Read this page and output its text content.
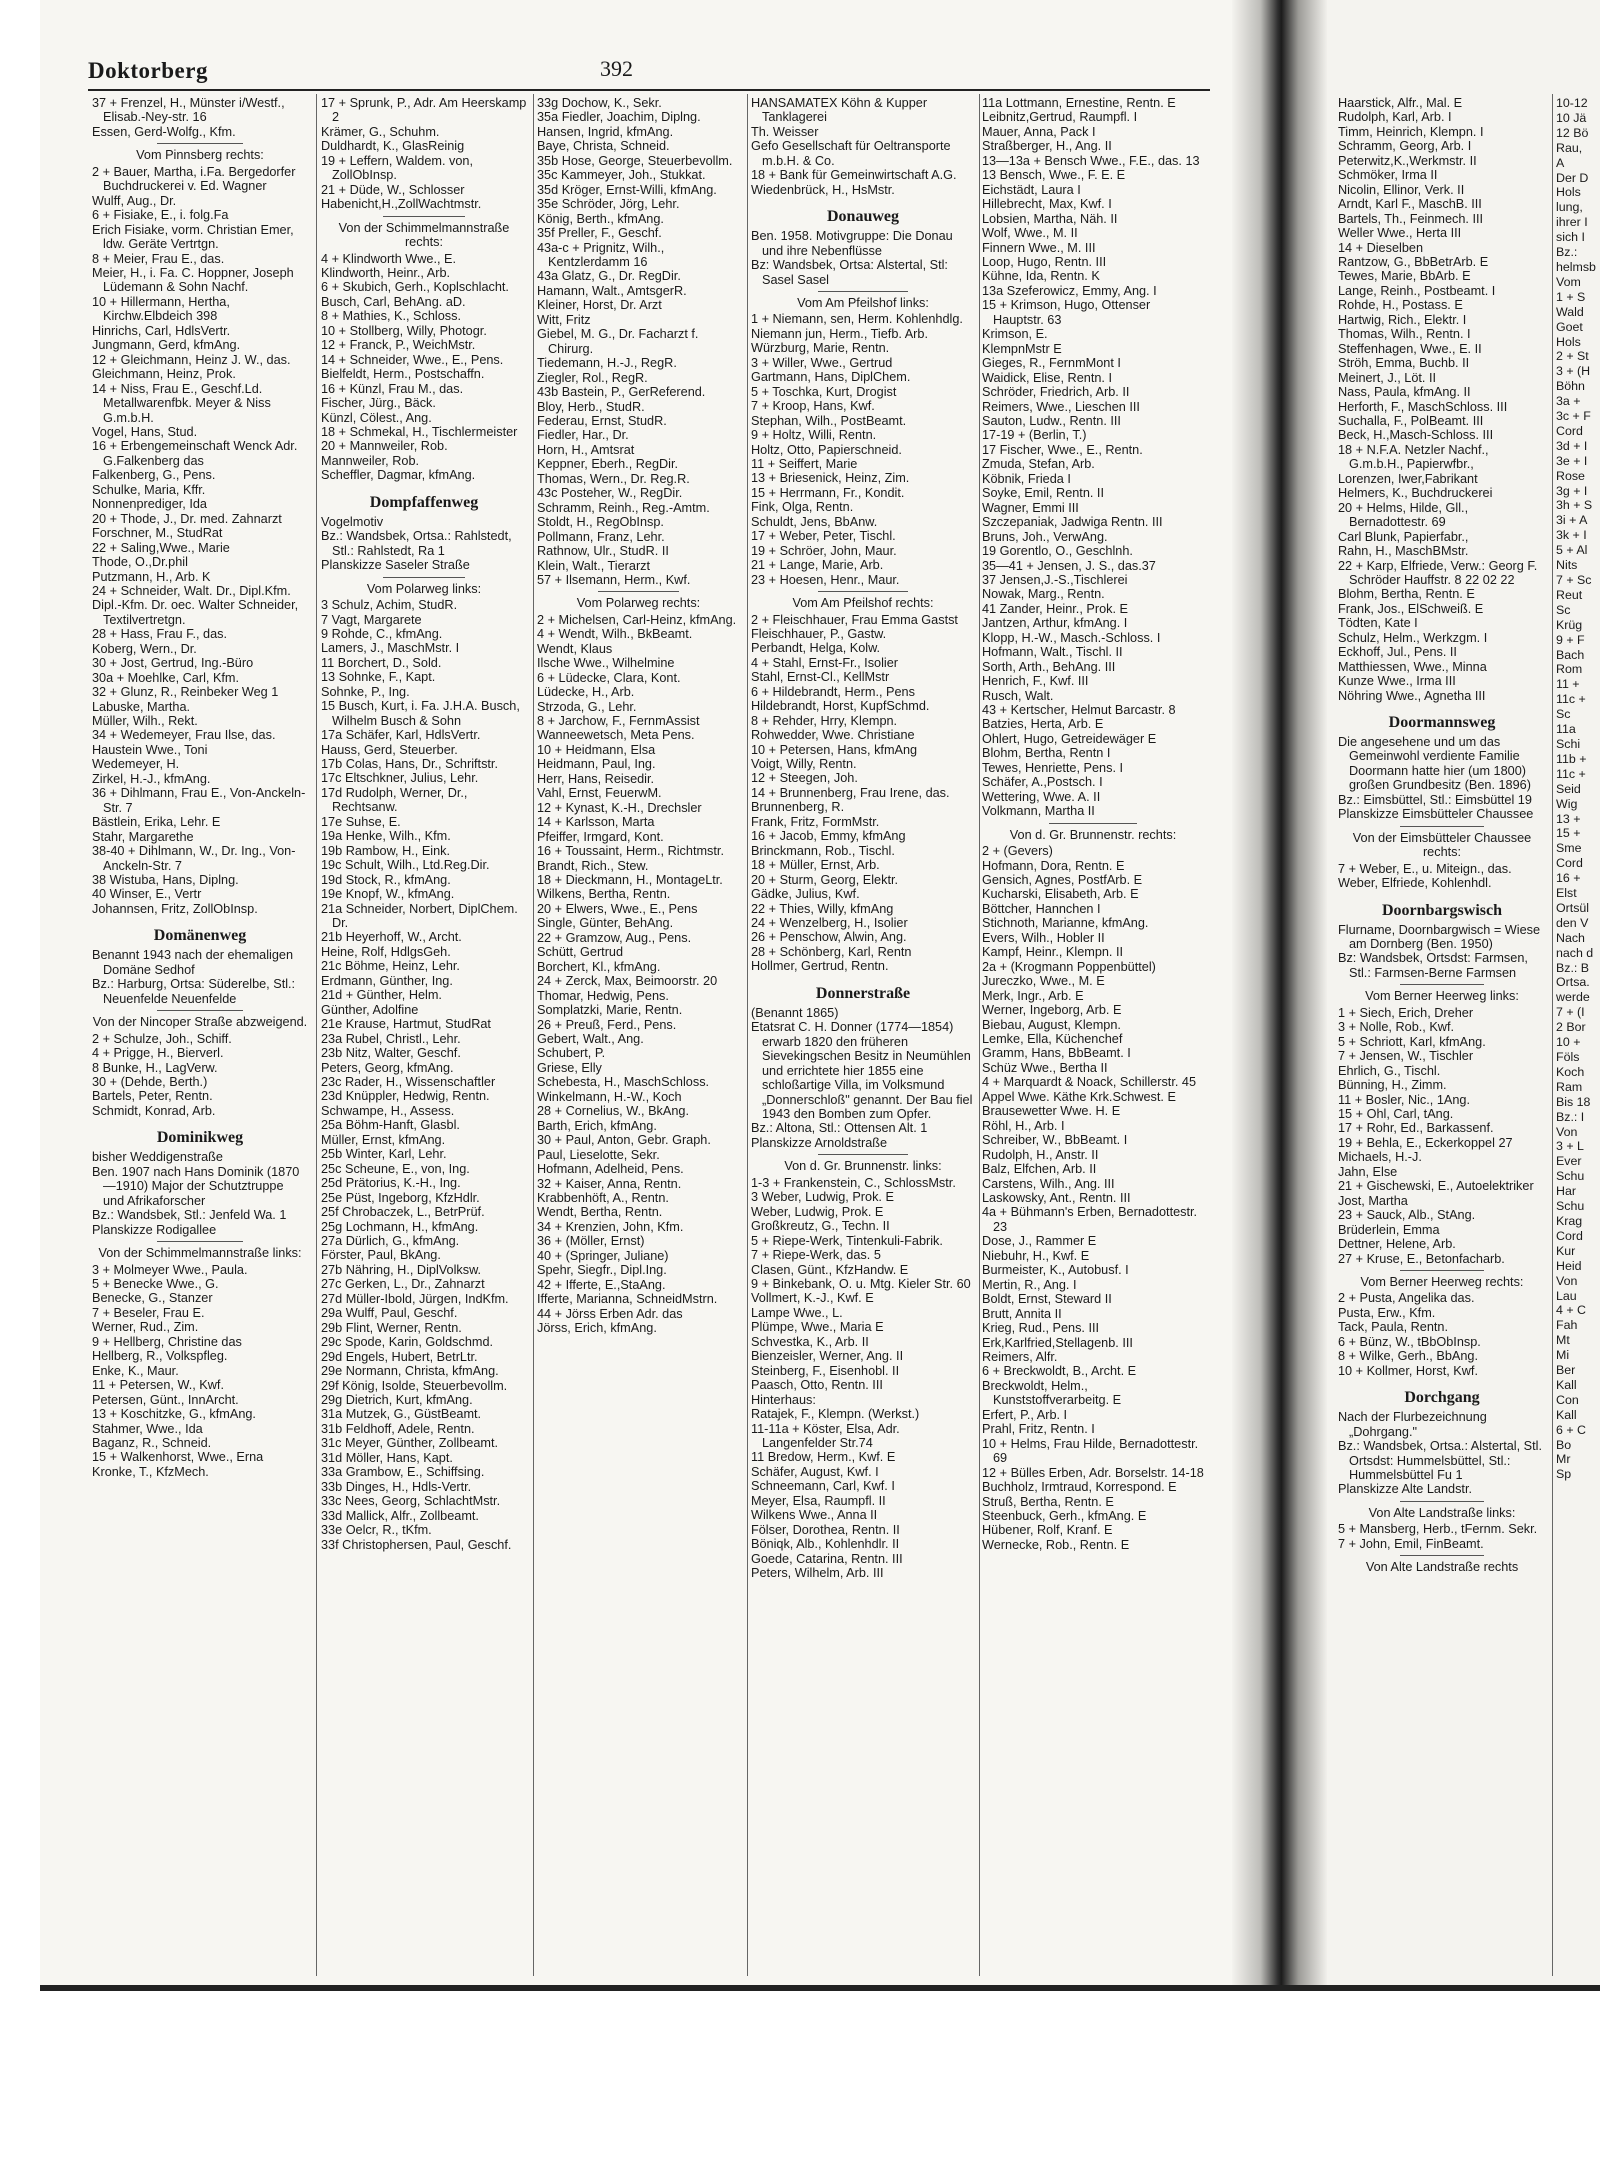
Doktorberg	392

37 + Frenzel, H., Münster i/Westf., Elisab.-Ney-str. 16

Essen, Gerd-Wolfg., Kfm.

Vom Pinnsberg rechts:

2 + Bauer, Martha, i.Fa. Bergedorfer Buchdruckerei v. Ed. Wagner

Wulff, Aug., Dr.

6 + Fisiake, E., i. folg.Fa

Erich Fisiake, vorm. Christian Emer, ldw. Geräte Vertrtgn.

8 + Meier, Frau E., das.

Meier, H., i. Fa. C. Hoppner, Joseph Lüdemann & Sohn Nachf.

10 + Hillermann, Hertha, Kirchw.Elbdeich 398

Hinrichs, Carl, HdlsVertr.

Jungmann, Gerd, kfmAng.

12 + Gleichmann, Heinz J. W., das.

Gleichmann, Heinz, Prok.

14 + Niss, Frau E., Geschf.Ld. Metallwarenfbk. Meyer & Niss G.m.b.H.

Vogel, Hans, Stud.

16 + Erbengemeinschaft Wenck Adr. G.Falkenberg das

Falkenberg, G., Pens.

Schulke, Maria, Kffr.

Nonnenprediger, Ida

20 + Thode, J., Dr. med. Zahnarzt

Forschner, M., StudRat

22 + Saling,Wwe., Marie

Thode, O.,Dr.phil

Putzmann, H., Arb. K

24 + Schneider, Walt. Dr., Dipl.Kfm.

Dipl.-Kfm. Dr. oec. Walter Schneider, Textilvertretgn.

28 + Hass, Frau F., das.

Koberg, Wern., Dr.

30 + Jost, Gertrud, Ing.-Büro

30a + Moehlke, Carl, Kfm.

32 + Glunz, R., Reinbeker Weg 1

Labuske, Martha.

Müller, Wilh., Rekt.

34 + Wedemeyer, Frau Ilse, das.

Haustein Wwe., Toni

Wedemeyer, H.

Zirkel, H.-J., kfmAng.

36 + Dihlmann, Frau E., Von-Anckeln-Str. 7

Bästlein, Erika, Lehr. E

Stahr, Margarethe

38-40 + Dihlmann, W., Dr. Ing., Von-Anckeln-Str. 7

38 Wistuba, Hans, Diplng.

40 Winser, E., Vertr

Johannsen, Fritz, ZollObInsp.

Domänenweg

Benannt 1943 nach der ehemaligen Domäne Sedhof

Bz.: Harburg, Ortsa: Süderelbe, Stl.: Neuenfelde Neuenfelde

Von der Nincoper Straße abzweigend.

2 + Schulze, Joh., Schiff.

4 + Prigge, H., Bierverl.

8 Bunke, H., LagVerw.

30 + (Dehde, Berth.)

Bartels, Peter, Rentn.

Schmidt, Konrad, Arb.

Dominikweg

bisher Weddigenstraße

Ben. 1907 nach Hans Dominik (1870—1910) Major der Schutztruppe und Afrikaforscher

Bz.: Wandsbek, Stl.: Jenfeld Wa. 1

Planskizze Rodigallee

Von der Schimmelmannstraße links:

3 + Molmeyer Wwe., Paula.

5 + Benecke Wwe., G.

Benecke, G., Stanzer

7 + Beseler, Frau E.

Werner, Rud., Zim.

9 + Hellberg, Christine das

Hellberg, R., Volkspfleg.

Enke, K., Maur.

11 + Petersen, W., Kwf.

Petersen, Günt., InnArcht.

13 + Koschitzke, G., kfmAng.

Stahmer, Wwe., Ida

Baganz, R., Schneid.

15 + Walkenhorst, Wwe., Erna

Kronke, T., KfzMech.

17 + Sprunk, P., Adr. Am Heerskamp 2

Krämer, G., Schuhm.

Duldhardt, K., GlasReinig

19 + Leffern, Waldem. von, ZollObInsp.

21 + Düde, W., Schlosser

Habenicht,H.,ZollWachtmstr.

Von der Schimmelmannstraße rechts:

4 + Klindworth Wwe., E.

Klindworth, Heinr., Arb.

6 + Skubich, Gerh., Koplschlacht.

Busch, Carl, BehAng. aD.

8 + Mathies, K., Schloss.

10 + Stollberg, Willy, Photogr.

12 + Franck, P., WeichMstr.

14 + Schneider, Wwe., E., Pens.

Bielfeldt, Herm., Postschaffn.

16 + Künzl, Frau M., das.

Fischer, Jürg., Bäck.

Künzl, Cölest., Ang.

18 + Schmekal, H., Tischlermeister

20 + Mannweiler, Rob.

Mannweiler, Rob.

Scheffler, Dagmar, kfmAng.

Dompfaffenweg

Vogelmotiv

Bz.: Wandsbek, Ortsa.: Rahlstedt, Stl.: Rahlstedt, Ra 1

Planskizze Saseler Straße

Vom Polarweg links:

3 Schulz, Achim, StudR.

7 Vagt, Margarete

9 Rohde, C., kfmAng.

Lamers, J., MaschMstr. I

11 Borchert, D., Sold.

13 Sohnke, F., Kapt.

Sohnke, P., Ing.

15 Busch, Kurt, i. Fa. J.H.A. Busch, Wilhelm Busch & Sohn

17a Schäfer, Karl, HdlsVertr.

Hauss, Gerd, Steuerber.

17b Colas, Hans, Dr., Schriftstr.

17c Eltschkner, Julius, Lehr.

17d Rudolph, Werner, Dr., Rechtsanw.

17e Suhse, E.

19a Henke, Wilh., Kfm.

19b Rambow, H., Eink.

19c Schult, Wilh., Ltd.Reg.Dir.

19d Stock, R., kfmAng.

19e Knopf, W., kfmAng.

21a Schneider, Norbert, DiplChem. Dr.

21b Heyerhoff, W., Archt.

Heine, Rolf, HdlgsGeh.

21c Böhme, Heinz, Lehr.

Erdmann, Günther, Ing.

21d + Günther, Helm.

Günther, Adolfine

21e Krause, Hartmut, StudRat

23a Rubel, Christl., Lehr.

23b Nitz, Walter, Geschf.

Peters, Georg, kfmAng.

23c Rader, H., Wissenschaftler

23d Knüppler, Hedwig, Rentn.

Schwampe, H., Assess.

25a Böhm-Hanft, Glasbl.

Müller, Ernst, kfmAng.

25b Winter, Karl, Lehr.

25c Scheune, E., von, Ing.

25d Prätorius, K.-H., Ing.

25e Püst, Ingeborg, KfzHdlr.

25f Chrobaczek, L., BetrPrüf.

25g Lochmann, H., kfmAng.

27a Dürlich, G., kfmAng.

Förster, Paul, BkAng.

27b Nähring, H., DiplVolksw.

27c Gerken, L., Dr., Zahnarzt

27d Müller-Ibold, Jürgen, IndKfm.

29a Wulff, Paul, Geschf.

29b Flint, Werner, Rentn.

29c Spode, Karin, Goldschmd.

29d Engels, Hubert, BetrLtr.

29e Normann, Christa, kfmAng.

29f König, Isolde, Steuerbevollm.

29g Dietrich, Kurt, kfmAng.

31a Mutzek, G., GüstBeamt.

31b Feldhoff, Adele, Rentn.

31c Meyer, Günther, Zollbeamt.

31d Möller, Hans, Kapt.

33a Grambow, E., Schiffsing.

33b Dinges, H., Hdls-Vertr.

33c Nees, Georg, SchlachtMstr.

33d Mallick, Alfr., Zollbeamt.

33e Oelcr, R., tKfm.

33f Christophersen, Paul, Geschf.

33g Dochow, K., Sekr.

35a Fiedler, Joachim, Diplng.

Hansen, Ingrid, kfmAng.

Baye, Christa, Schneid.

35b Hose, George, Steuerbevollm.

35c Kammeyer, Joh., Stukkat.

35d Kröger, Ernst-Willi, kfmAng.

35e Schröder, Jörg, Lehr.

König, Berth., kfmAng.

35f Preller, F., Geschf.

43a-c + Prignitz, Wilh., Kentzlerdamm 16

43a Glatz, G., Dr. RegDir.

Hamann, Walt., AmtsgerR.

Kleiner, Horst, Dr. Arzt

Witt, Fritz

Giebel, M. G., Dr. Facharzt f. Chirurg.

Tiedemann, H.-J., RegR.

Ziegler, Rol., RegR.

43b Bastein, P., GerReferend.

Bloy, Herb., StudR.

Federau, Ernst, StudR.

Fiedler, Har., Dr.

Horn, H., Amtsrat

Keppner, Eberh., RegDir.

Thomas, Wern., Dr. Reg.R.

43c Posteher, W., RegDir.

Schramm, Reinh., Reg.-Amtm.

Stoldt, H., RegObInsp.

Pollmann, Franz, Lehr.

Rathnow, Ulr., StudR. II

Klein, Walt., Tierarzt

57 + Ilsemann, Herm., Kwf.

Vom Polarweg rechts:

2 + Michelsen, Carl-Heinz, kfmAng.

4 + Wendt, Wilh., BkBeamt.

Wendt, Klaus

Ilsche Wwe., Wilhelmine

6 + Lüdecke, Clara, Kont.

Lüdecke, H., Arb.

Strzoda, G., Lehr.

8 + Jarchow, F., FernmAssist

Wanneewetsch, Meta Pens.

10 + Heidmann, Elsa

Heidmann, Paul, Ing.

Herr, Hans, Reisedir.

Vahl, Ernst, FeuerwM.

12 + Kynast, K.-H., Drechsler

14 + Karlsson, Marta

Pfeiffer, Irmgard, Kont.

16 + Toussaint, Herm., Richtmstr.

Brandt, Rich., Stew.

18 + Dieckmann, H., MontageLtr.

Wilkens, Bertha, Rentn.

20 + Elwers, Wwe., E., Pens

Single, Günter, BehAng.

22 + Gramzow, Aug., Pens.

Schütt, Gertrud

Borchert, Kl., kfmAng.

24 + Zerck, Max, Beimoorstr. 20

Thomar, Hedwig, Pens.

Somplatzki, Marie, Rentn.

26 + Preuß, Ferd., Pens.

Gebert, Walt., Ang.

Schubert, P.

Griese, Elly

Schebesta, H., MaschSchloss.

Winkelmann, H.-W., Koch

28 + Cornelius, W., BkAng.

Barth, Erich, kfmAng.

30 + Paul, Anton, Gebr. Graph.

Paul, Lieselotte, Sekr.

Hofmann, Adelheid, Pens.

32 + Kaiser, Anna, Rentn.

Krabbenhöft, A., Rentn.

Wendt, Bertha, Rentn.

34 + Krenzien, John, Kfm.

36 + (Möller, Ernst)

40 + (Springer, Juliane)

Spehr, Siegfr., Dipl.Ing.

42 + Ifferte, E.,StaAng.

Ifferte, Marianna, SchneidMstrn.

44 + Jörss Erben Adr. das

Jörss, Erich, kfmAng.

HANSAMATEX Köhn & Kupper Tanklagerei

Th. Weisser

Gefo Gesellschaft für Oeltransporte m.b.H. & Co.

18 + Bank für Gemeinwirtschaft A.G.

Wiedenbrück, H., HsMstr.

Donauweg

Ben. 1958. Motivgruppe: Die Donau und ihre Nebenflüsse

Bz: Wandsbek, Ortsa: Alstertal, Stl: Sasel Sasel

Vom Am Pfeilshof links:

1 + Niemann, sen, Herm. Kohlenhdlg.

Niemann jun, Herm., Tiefb. Arb.

Würzburg, Marie, Rentn.

3 + Willer, Wwe., Gertrud

Gartmann, Hans, DiplChem.

5 + Toschka, Kurt, Drogist

7 + Kroop, Hans, Kwf.

Stephan, Wilh., PostBeamt.

9 + Holtz, Willi, Rentn.

Holtz, Otto, Papierschneid.

11 + Seiffert, Marie

13 + Briesenick, Heinz, Zim.

15 + Herrmann, Fr., Kondit.

Fink, Olga, Rentn.

Schuldt, Jens, BbAnw.

17 + Weber, Peter, Tischl.

19 + Schröer, John, Maur.

21 + Lange, Marie, Arb.

23 + Hoesen, Henr., Maur.

Vom Am Pfeilshof rechts:

2 + Fleischhauer, Frau Emma Gastst

Fleischhauer, P., Gastw.

Perbandt, Helga, Kolw.

4 + Stahl, Ernst-Fr., Isolier

Stahl, Ernst-Cl., KellMstr

6 + Hildebrandt, Herm., Pens

Hildebrandt, Horst, KupfSchmd.

8 + Rehder, Hrry, Klempn.

Rohwedder, Wwe. Christiane

10 + Petersen, Hans, kfmAng

Voigt, Willy, Rentn.

12 + Steegen, Joh.

14 + Brunnenberg, Frau Irene, das.

Brunnenberg, R.

Frank, Fritz, FormMstr.

16 + Jacob, Emmy, kfmAng

Brinckmann, Rob., Tischl.

18 + Müller, Ernst, Arb.

20 + Sturm, Georg, Elektr.

Gädke, Julius, Kwf.

22 + Thies, Willy, kfmAng

24 + Wenzelberg, H., Isolier

26 + Penschow, Alwin, Ang.

28 + Schönberg, Karl, Rentn

Hollmer, Gertrud, Rentn.

Donnerstraße

(Benannt 1865)

Etatsrat C. H. Donner (1774—1854) erwarb 1820 den früheren Sievekingschen Besitz in Neumühlen und errichtete hier 1855 eine schloßartige Villa, im Volksmund „Donnerschloß" genannt. Der Bau fiel 1943 den Bomben zum Opfer.

Bz.: Altona, Stl.: Ottensen Alt. 1

Planskizze Arnoldstraße

Von d. Gr. Brunnenstr. links:

1-3 + Frankenstein, C., SchlossMstr.

3 Weber, Ludwig, Prok. E

Weber, Ludwig, Prok. E

Großkreutz, G., Techn. II

5 + Riepe-Werk, Tintenkuli-Fabrik.

7 + Riepe-Werk, das. 5

Clasen, Günt., KfzHandw. E

9 + Binkebank, O. u. Mtg. Kieler Str. 60

Vollmert, K.-J., Kwf. E

Lampe Wwe., L.

Plümpe, Wwe., Maria E

Schvestka, K., Arb. II

Bienzeisler, Werner, Ang. II

Steinberg, F., Eisenhobl. II

Paasch, Otto, Rentn. III

Hinterhaus:

Ratajek, F., Klempn. (Werkst.)

11-11a + Köster, Elsa, Adr. Langenfelder Str.74

11 Bredow, Herm., Kwf. E

Schäfer, August, Kwf. I

Schneemann, Carl, Kwf. I

Meyer, Elsa, Raumpfl. II

Wilkens Wwe., Anna II

Fölser, Dorothea, Rentn. II

Böniqk, Alb., Kohlenhdlr. II

Goede, Catarina, Rentn. III

Peters, Wilhelm, Arb. III

11a Lottmann, Ernestine, Rentn. E

Leibnitz,Gertrud, Raumpfl. I

Mauer, Anna, Pack I

Straßberger, H., Ang. II

13—13a + Bensch Wwe., F.E., das. 13

13 Bensch, Wwe., F. E. E

Eichstädt, Laura I

Hillebrecht, Max, Kwf. I

Lobsien, Martha, Näh. II

Wolf, Wwe., M. II

Finnern Wwe., M. III

Loop, Hugo, Rentn. III

Kühne, Ida, Rentn. K

13a Szeferowicz, Emmy, Ang. I

15 + Krimson, Hugo, Ottenser Hauptstr. 63

Krimson, E.

KlempnMstr E

Gieges, R., FernmMont I

Waidick, Elise, Rentn. I

Schröder, Friedrich, Arb. II

Reimers, Wwe., Lieschen III

Sauton, Ludw., Rentn. III

17-19 + (Berlin, T.)

17 Fischer, Wwe., E., Rentn.

Zmuda, Stefan, Arb.

Köbnik, Frieda I

Soyke, Emil, Rentn. II

Wagner, Emmi III

Szczepaniak, Jadwiga Rentn. III

Bruns, Joh., VerwAng.

19 Gorentlo, O., Geschlnh.

35—41 + Jensen, J. S., das.37

37 Jensen,J.-S.,Tischlerei

Nowak, Marg., Rentn.

41 Zander, Heinr., Prok. E

Jantzen, Arthur, kfmAng. I

Klopp, H.-W., Masch.-Schloss. I

Hofmann, Walt., Tischl. II

Sorth, Arth., BehAng. III

Henrich, F., Kwf. III

Rusch, Walt.

43 + Kertscher, Helmut Barcastr. 8

Batzies, Herta, Arb. E

Ohlert, Hugo, Getreidewäger E

Blohm, Bertha, Rentn I

Tewes, Henriette, Pens. I

Schäfer, A.,Postsch. I

Wettering, Wwe. A. II

Volkmann, Martha II

Von d. Gr. Brunnenstr. rechts:

2 + (Gevers)

Hofmann, Dora, Rentn. E

Gensich, Agnes, PostfArb. E

Kucharski, Elisabeth, Arb. E

Böttcher, Hannchen I

Stichnoth, Marianne, kfmAng.

Evers, Wilh., Hobler II

Kampf, Heinr., Klempn. II

2a + (Krogmann Poppenbüttel)

Jureczko, Wwe., M. E

Merk, Ingr., Arb. E

Werner, Ingeborg, Arb. E

Biebau, August, Klempn.

Lemke, Ella, Küchenchef

Gramm, Hans, BbBeamt. I

Schüz Wwe., Bertha II

4 + Marquardt & Noack, Schillerstr. 45

Appel Wwe. Käthe Krk.Schwest. E

Brausewetter Wwe. H. E

Röhl, H., Arb. I

Schreiber, W., BbBeamt. I

Rudolph, H., Anstr. II

Balz, Elfchen, Arb. II

Carstens, Wilh., Ang. III

Laskowsky, Ant., Rentn. III

4a + Bühmann's Erben, Bernadottestr. 23

Dose, J., Rammer E

Niebuhr, H., Kwf. E

Burmeister, K., Autobusf. I

Mertin, R., Ang. I

Boldt, Ernst, Steward II

Brutt, Annita II

Krieg, Rud., Pens. III

Erk,Karlfried,Stellagenb. III

Reimers, Alfr.

6 + Breckwoldt, B., Archt. E

Breckwoldt, Helm., Kunststoffverarbeitg. E

Erfert, P., Arb. I

Prahl, Fritz, Rentn. I

10 + Helms, Frau Hilde, Bernadottestr. 69

12 + Bülles Erben, Adr. Borselstr. 14-18

Buchholz, Irmtraud, Korrespond. E

Struß, Bertha, Rentn. E

Steenbuck, Gerh., kfmAng. E

Hübener, Rolf, Kranf. E

Wernecke, Rob., Rentn. E

Haarstick, Alfr., Mal. E

Rudolph, Karl, Arb. I

Timm, Heinrich, Klempn. I

Schramm, Georg, Arb. I

Peterwitz,K.,Werkmstr. II

Schmöker, Irma II

Nicolin, Ellinor, Verk. II

Arndt, Karl F., MaschB. III

Bartels, Th., Feinmech. III

Weller Wwe., Herta III

14 + Dieselben

Rantzow, G., BbBetrArb. E

Tewes, Marie, BbArb. E

Lange, Reinh., Postbeamt. I

Rohde, H., Postass. E

Hartwig, Rich., Elektr. I

Thomas, Wilh., Rentn. I

Steffenhagen, Wwe., E. II

Ströh, Emma, Buchb. II

Meinert, J., Löt. II

Nass, Paula, kfmAng. II

Herforth, F., MaschSchloss. III

Suchalla, F., PolBeamt. III

Beck, H.,Masch-Schloss. III

18 + N.F.A. Netzler Nachf., G.m.b.H., Papierwfbr.,

Lorenzen, Iwer,Fabrikant

Helmers, K., Buchdruckerei

20 + Helms, Hilde, Gll., Bernadottestr. 69

Carl Blunk, Papierfabr.,

Rahn, H., MaschBMstr.

22 + Karp, Elfriede, Verw.: Georg F. Schröder Hauffstr. 8 22 02 22

Blohm, Bertha, Rentn. E

Frank, Jos., ElSchweiß. E

Tödten, Kate I

Schulz, Helm., Werkzgm. I

Eckhoff, Jul., Pens. II

Matthiessen, Wwe., Minna

Kunze Wwe., Irma III

Nöhring Wwe., Agnetha III

Doormannsweg

Die angesehene und um das Gemeinwohl verdiente Familie Doormann hatte hier (um 1800) großen Grundbesitz (Ben. 1896)

Bz.: Eimsbüttel, Stl.: Eimsbüttel 19

Planskizze Eimsbütteler Chaussee

Von der Eimsbütteler Chaussee rechts:

7 + Weber, E., u. Miteign., das.

Weber, Elfriede, Kohlenhdl.

Doornbargswisch

Flurname, Doornbargwisch = Wiese am Dornberg (Ben. 1950)

Bz: Wandsbek, Ortsdst: Farmsen, Stl.: Farmsen-Berne Farmsen

Vom Berner Heerweg links:

1 + Siech, Erich, Dreher

3 + Nolle, Rob., Kwf.

5 + Schriott, Karl, kfmAng.

7 + Jensen, W., Tischler

Ehrlich, G., Tischl.

Bünning, H., Zimm.

11 + Bosler, Nic., 1Ang.

15 + Ohl, Carl, tAng.

17 + Rohr, Ed., Barkassenf.

19 + Behla, E., Eckerkoppel 27

Michaels, H.-J.

Jahn, Else

21 + Gischewski, E., Autoelektriker

Jost, Martha

23 + Sauck, Alb., StAng.

Brüderlein, Emma

Dettner, Helene, Arb.

27 + Kruse, E., Betonfacharb.

Vom Berner Heerweg rechts:

2 + Pusta, Angelika das.

Pusta, Erw., Kfm.

Tack, Paula, Rentn.

6 + Bünz, W., tBbObInsp.

8 + Wilke, Gerh., BbAng.

10 + Kollmer, Horst, Kwf.

Dorchgang

Nach der Flurbezeichnung „Dohrgang."

Bz.: Wandsbek, Ortsa.: Alstertal, Stl. Ortsdst: Hummelsbüttel, Stl.: Hummelsbüttel Fu 1

Planskizze Alte Landstr.

Von Alte Landstraße links:

5 + Mansberg, Herb., tFernm. Sekr.

7 + John, Emil, FinBeamt.

Von Alte Landstraße rechts

10-12

10 Jä

12 Bö

Rau,

A

Der D

Hols

lung,

ihrer I

sich I

Bz.:

helmsb

Vom

1 + S

Wald

Goet

Hols

2 + St

3 + (H

Böhn

3a +

3c + F

Cord

3d + I

3e + I

Rose

3g + I

3h + S

3i + A

3k + I

5 + Al

Nits

7 + Sc

Reut

Sc

Krüg

9 + F

Bach

Rom

11 +

11c +

Sc

11a

Schi

11b +

11c +

Seid

Wig

13 +

15 +

Sme

Cord

16 +

Elst

Ortsül

den V

Nach

nach d

Bz.: B

Ortsa.

werde

7 + (I

2 Bor

10 +

Föls

Koch

Ram

Bis 18

Bz.: I

Von

3 + L

Ever

Schu

Har

Schu

Krag

Cord

Kur

Heid

Von

Lau

4 + C

Fah

Mt

Mi

Ber

Kall

Con

Kall

6 + C

Bo

Mr

Sp
